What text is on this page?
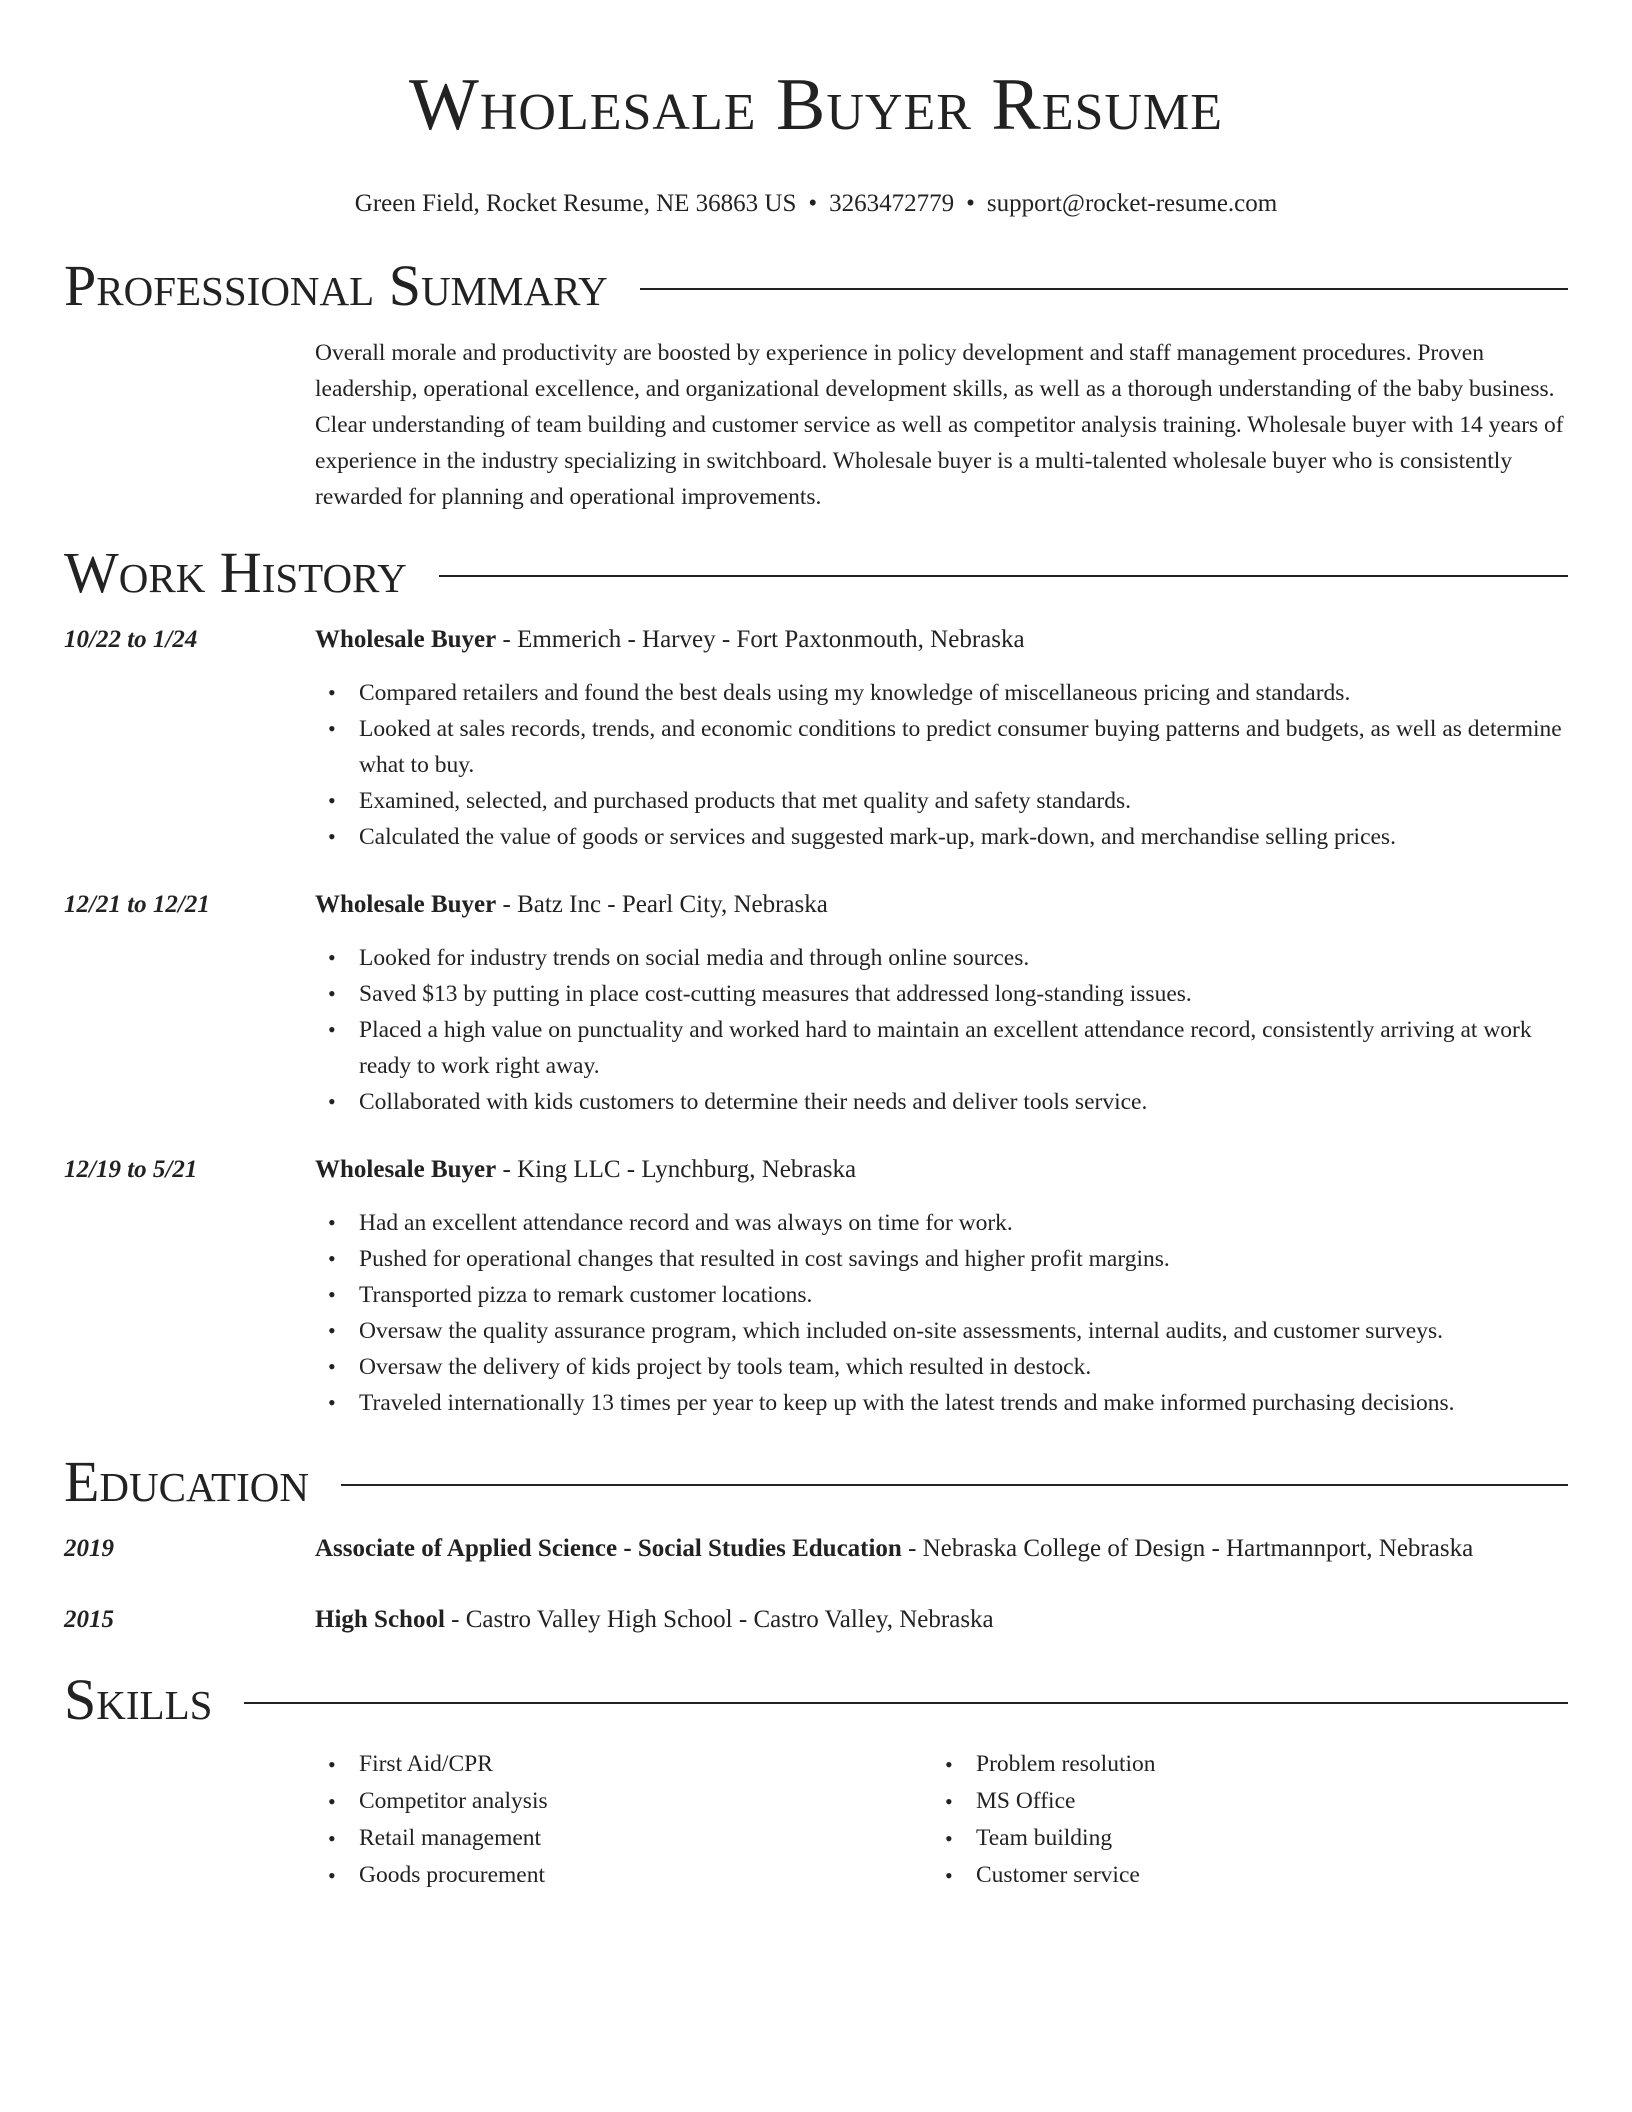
Wholesale Buyer Resume
Green Field, Rocket Resume, NE 36863 US • 3263472779 • support@rocket-resume.com
Professional Summary
Overall morale and productivity are boosted by experience in policy development and staff management procedures. Proven leadership, operational excellence, and organizational development skills, as well as a thorough understanding of the baby business. Clear understanding of team building and customer service as well as competitor analysis training. Wholesale buyer with 14 years of experience in the industry specializing in switchboard. Wholesale buyer is a multi-talented wholesale buyer who is consistently rewarded for planning and operational improvements.
Work History
10/22 to 1/24	Wholesale Buyer - Emmerich - Harvey - Fort Paxtonmouth, Nebraska
• Compared retailers and found the best deals using my knowledge of miscellaneous pricing and standards.
• Looked at sales records, trends, and economic conditions to predict consumer buying patterns and budgets, as well as determine what to buy.
• Examined, selected, and purchased products that met quality and safety standards.
• Calculated the value of goods or services and suggested mark-up, mark-down, and merchandise selling prices.
12/21 to 12/21	Wholesale Buyer - Batz Inc - Pearl City, Nebraska
• Looked for industry trends on social media and through online sources.
• Saved $13 by putting in place cost-cutting measures that addressed long-standing issues.
• Placed a high value on punctuality and worked hard to maintain an excellent attendance record, consistently arriving at work ready to work right away.
• Collaborated with kids customers to determine their needs and deliver tools service.
12/19 to 5/21	Wholesale Buyer - King LLC - Lynchburg, Nebraska
• Had an excellent attendance record and was always on time for work.
• Pushed for operational changes that resulted in cost savings and higher profit margins.
• Transported pizza to remark customer locations.
• Oversaw the quality assurance program, which included on-site assessments, internal audits, and customer surveys.
• Oversaw the delivery of kids project by tools team, which resulted in destock.
• Traveled internationally 13 times per year to keep up with the latest trends and make informed purchasing decisions.
Education
2019	Associate of Applied Science - Social Studies Education - Nebraska College of Design - Hartmannport, Nebraska
2015	High School - Castro Valley High School - Castro Valley, Nebraska
Skills
• First Aid/CPR
• Competitor analysis
• Retail management
• Goods procurement
• Problem resolution
• MS Office
• Team building
• Customer service
